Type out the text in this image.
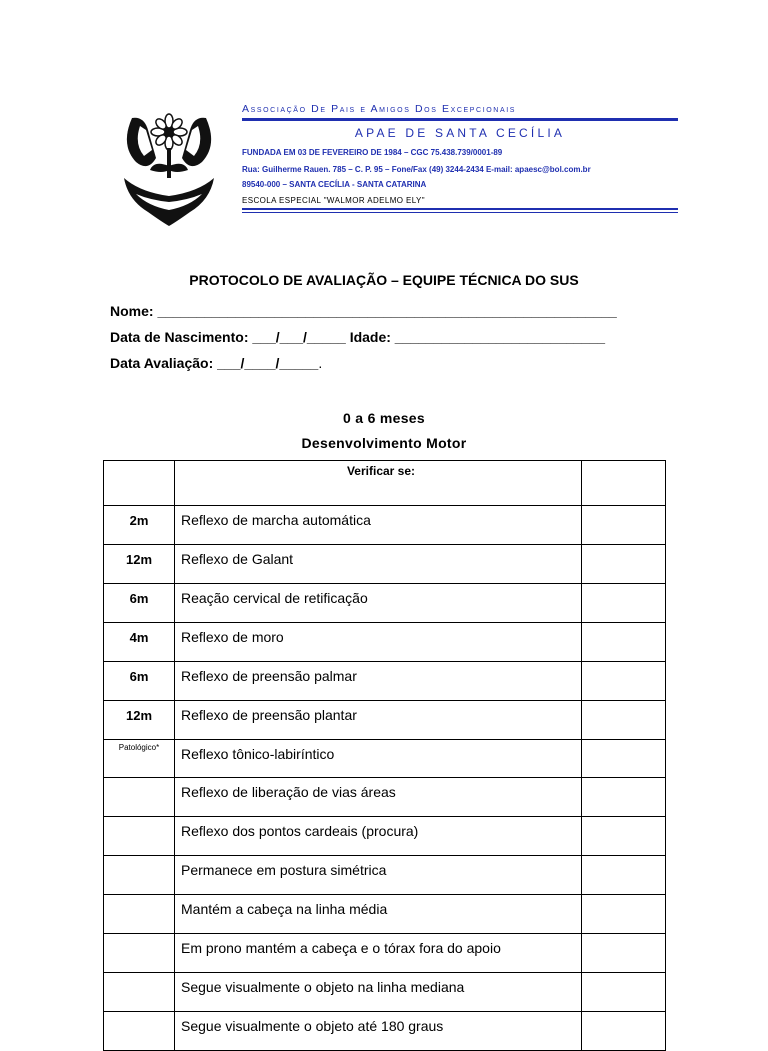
Associação De Pais e Amigos Dos Excepcionais
APAE DE SANTA CECÍLIA
FUNDADA EM 03 DE FEVEREIRO DE 1984 – CGC 75.438.739/0001-89
Rua: Guilherme Rauen. 785 – C. P. 95 – Fone/Fax (49) 3244-2434 E-mail: apaesc@bol.com.br
89540-000 – SANTA CECÍLIA - SANTA CATARINA
ESCOLA ESPECIAL "WALMOR ADELMO ELY"
PROTOCOLO DE AVALIAÇÃO – EQUIPE TÉCNICA DO SUS
Nome: ___________________________________________________________
Data de Nascimento: ___/___/_____ Idade: ___________________________
Data Avaliação: ___/____/_____.
0 a 6 meses
Desenvolvimento Motor
	Verificar se:	
2m	Reflexo de marcha automática	
12m	Reflexo de Galant	
6m	Reação cervical de retificação	
4m	Reflexo de moro	
6m	Reflexo de preensão palmar	
12m	Reflexo de preensão plantar	
Patológico*	Reflexo tônico-labiríntico	
	Reflexo de liberação de vias áreas	
	Reflexo dos pontos cardeais (procura)	
	Permanece em postura simétrica	
	Mantém a cabeça na linha média	
	Em prono mantém a cabeça e o tórax fora do apoio	
	Segue visualmente o objeto na linha mediana	
	Segue visualmente o objeto até 180 graus	
